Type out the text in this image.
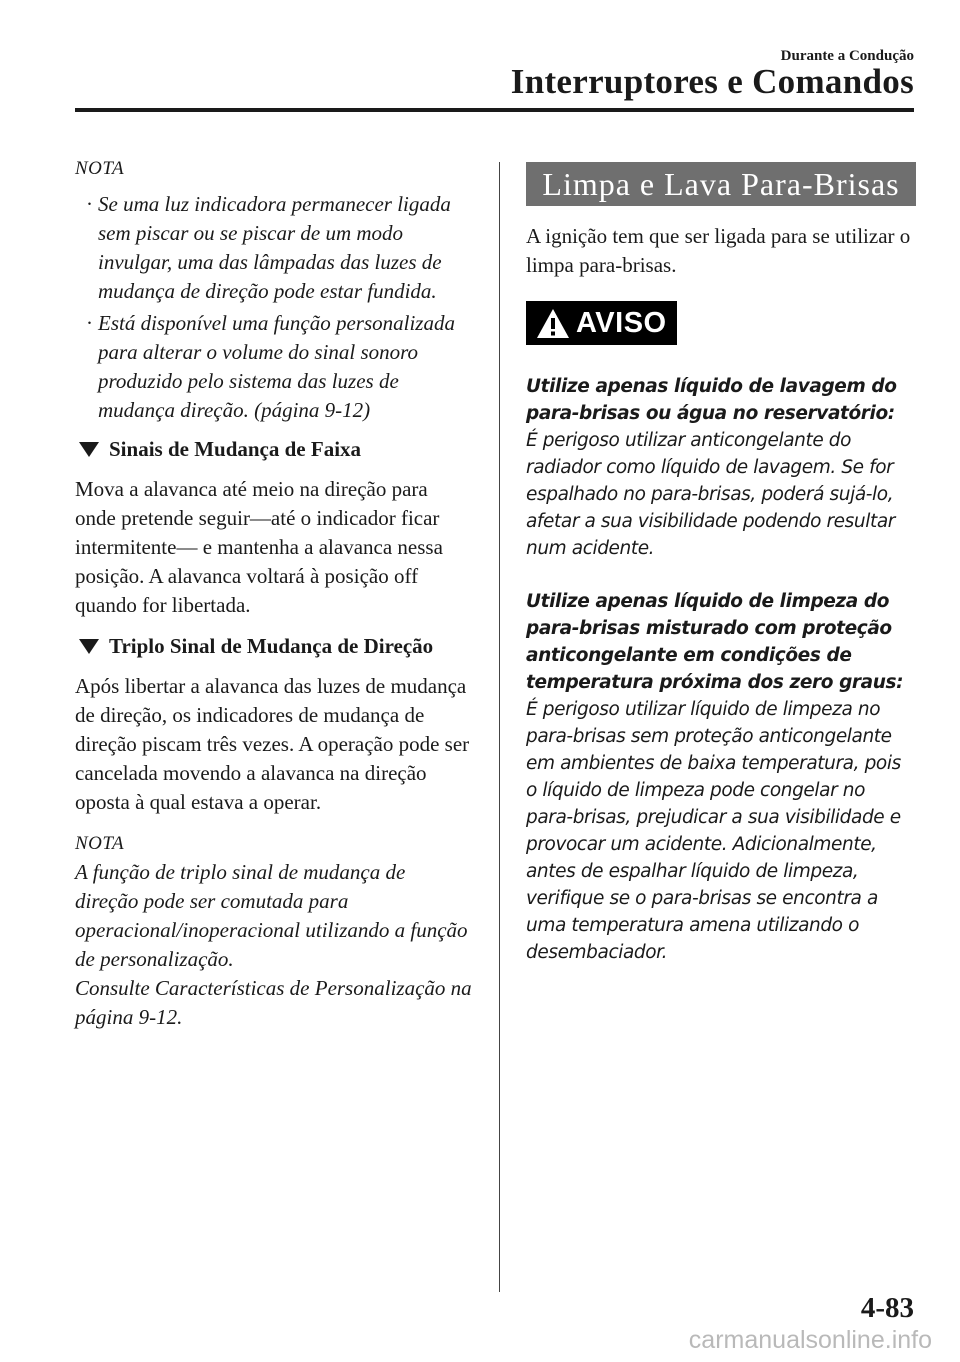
Durante a Condução
Interruptores e Comandos
NOTA
· Se uma luz indicadora permanecer ligada sem piscar ou se piscar de um modo invulgar, uma das lâmpadas das luzes de mudança de direção pode estar fundida.
· Está disponível uma função personalizada para alterar o volume do sinal sonoro produzido pelo sistema das luzes de mudança direção. (página 9-12)
Sinais de Mudança de Faixa

Mova a alavanca até meio na direção para onde pretende seguir—até o indicador ficar intermitente— e mantenha a alavanca nessa posição. A alavanca voltará à posição off quando for libertada.

Triplo Sinal de Mudança de Direção

Após libertar a alavanca das luzes de mudança de direção, os indicadores de mudança de direção piscam três vezes. A operação pode ser cancelada movendo a alavanca na direção oposta à qual estava a operar.

NOTA
A função de triplo sinal de mudança de direção pode ser comutada para operacional/inoperacional utilizando a função de personalização.
Consulte Características de Personalização na página 9-12.
Limpa e Lava Para-Brisas

A ignição tem que ser ligada para se utilizar o limpa para-brisas.

AVISO
Utilize apenas líquido de lavagem do para-brisas ou água no reservatório:
É perigoso utilizar anticongelante do radiador como líquido de lavagem. Se for espalhado no para-brisas, poderá sujá-lo, afetar a sua visibilidade podendo resultar num acidente.
Utilize apenas líquido de limpeza do para-brisas misturado com proteção anticongelante em condições de temperatura próxima dos zero graus:
É perigoso utilizar líquido de limpeza no para-brisas sem proteção anticongelante em ambientes de baixa temperatura, pois o líquido de limpeza pode congelar no para-brisas, prejudicar a sua visibilidade e provocar um acidente. Adicionalmente, antes de espalhar líquido de limpeza, verifique se o para-brisas se encontra a uma temperatura amena utilizando o desembaciador.
4-83
carmanualsonline.info
